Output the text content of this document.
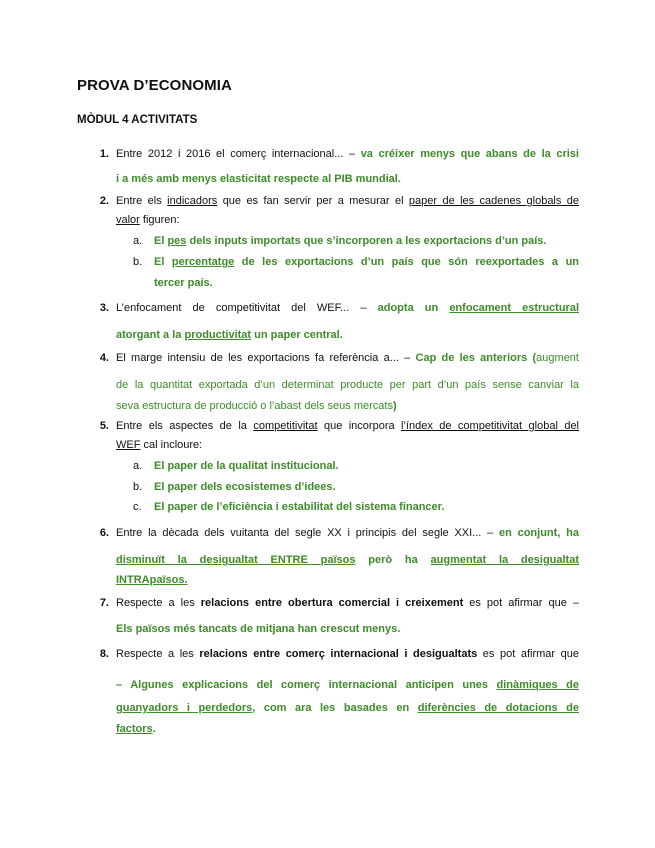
PROVA D’ECONOMIA
MÒDUL 4 ACTIVITATS
1. Entre 2012 i 2016 el comerç internacional... – va créixer menys que abans de la crisi
i a més amb menys elasticitat respecte al PIB mundial.
2. Entre els indicadors que es fan servir per a mesurar el paper de les cadenes globals de
valor figuren:
a. El pes dels inputs importats que s’incorporen a les exportacions d’un país.
b. El percentatge de les exportacions d’un país que són reexportades a un
tercer país.
3. L’enfocament de competitivitat del WEF... – adopta un enfocament estructural
atorgant a la productivitat un paper central.
4. El marge intensiu de les exportacions fa referència a... – Cap de les anteriors (augment
de la quantitat exportada d’un determinat producte per part d’un país sense canviar la
seva estructura de producció o l’abast dels seus mercats)
5. Entre els aspectes de la competitivitat que incorpora l’índex de competitivitat global del
WEF cal incloure:
a. El paper de la qualitat institucional.
b. El paper dels ecosistemes d’idees.
c. El paper de l’eficiència i estabilitat del sistema financer.
6. Entre la dècada dels vuitanta del segle XX i principis del segle XXI... – en conjunt, ha
disminuït la desigualtat ENTRE països però ha augmentat la desigualtat
INTRApaïsos.
7. Respecte a les relacions entre obertura comercial i creixement es pot afirmar que –
Els països més tancats de mitjana han crescut menys.
8. Respecte a les relacions entre comerç internacional i desigualtats es pot afirmar que
– Algunes explicacions del comerç internacional anticipen unes dinàmiques de
guanyadors i perdedors, com ara les basades en diferències de dotacions de
factors.
